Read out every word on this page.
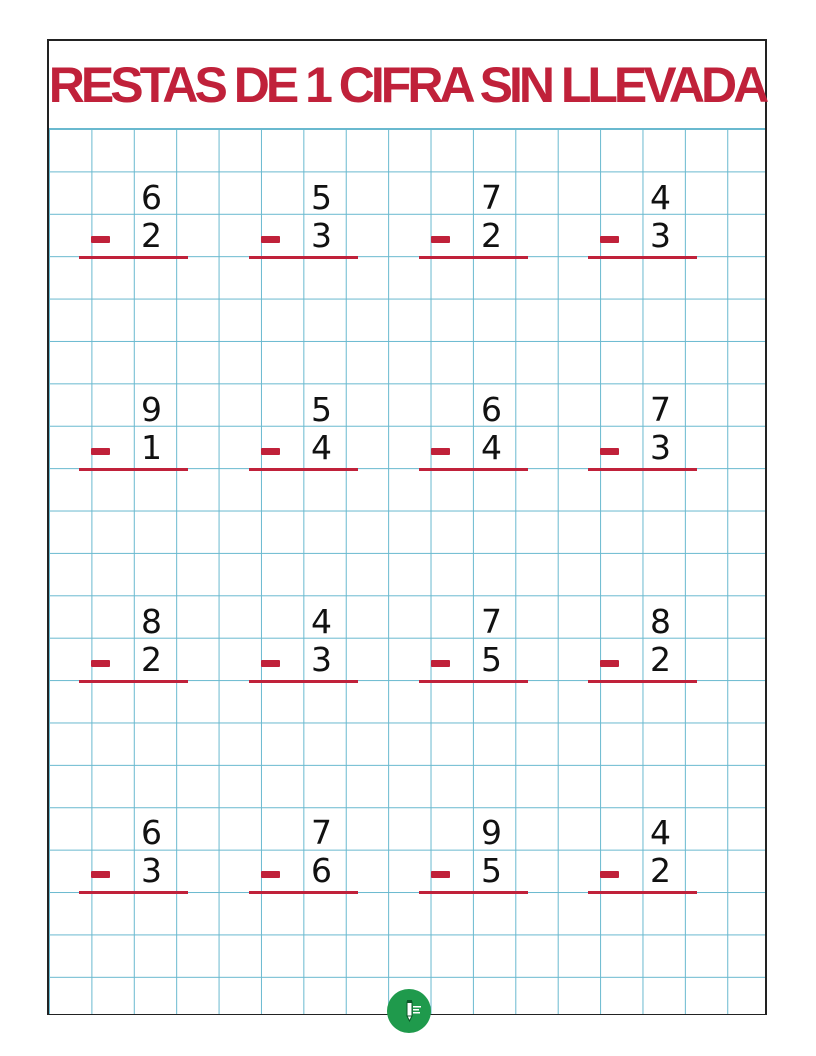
RESTAS DE 1 CIFRA SIN LLEVADA
6
2
5
3
7
2
4
3
9
1
5
4
6
4
7
3
8
2
4
3
7
5
8
2
6
3
7
6
9
5
4
2
